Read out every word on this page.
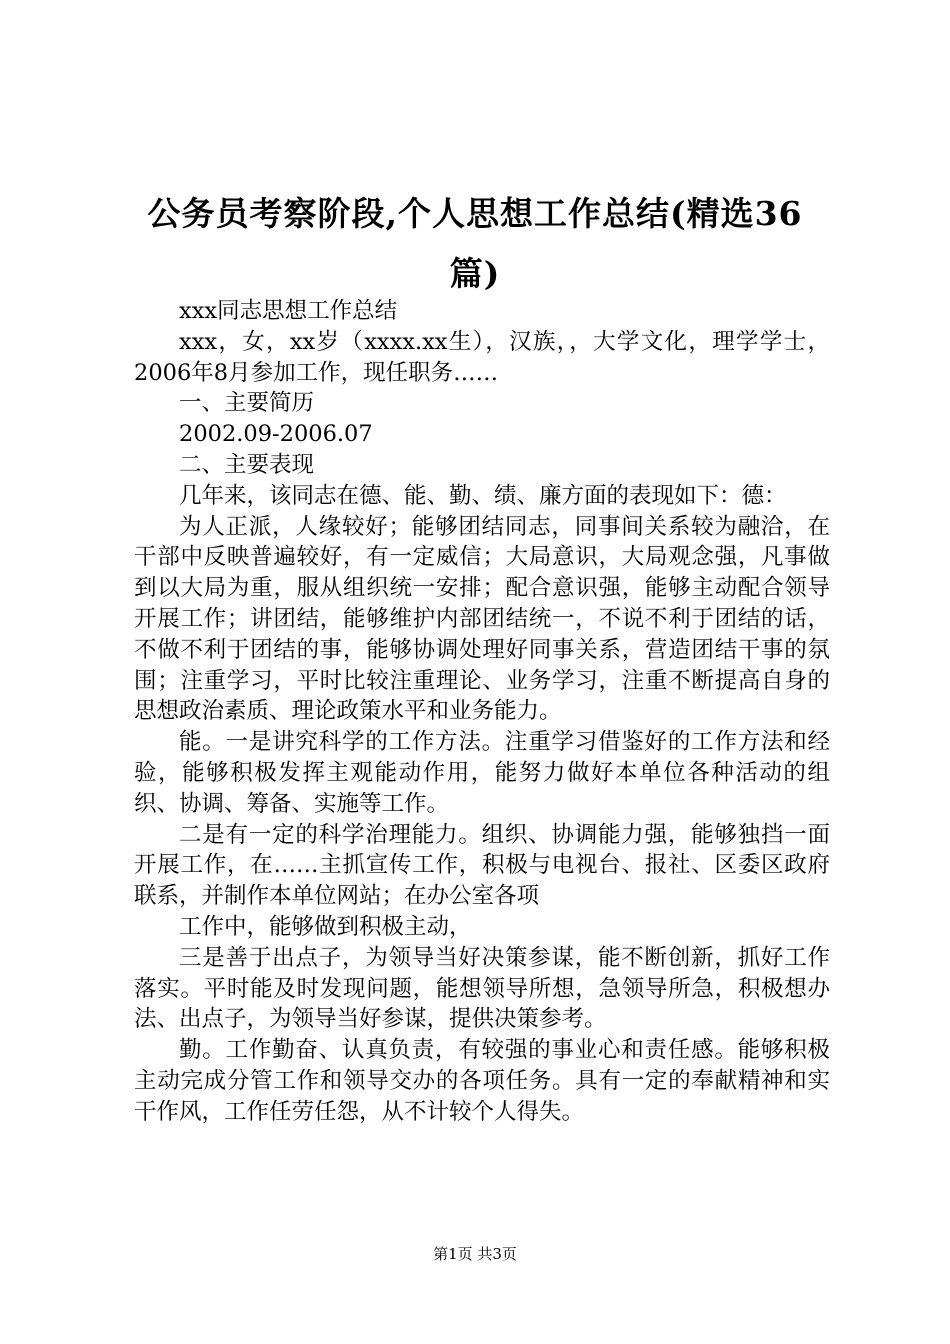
公务员考察阶段,个人思想工作总结(精选36
篇)

xxx同志思想工作总结

xxx，女，xx岁（xxxx.xx生），汉族，，大学文化，理学学士，2006年8月参加工作，现任职务……

一、主要简历

2002.09-2006.07

二、主要表现

几年来，该同志在德、能、勤、绩、廉方面的表现如下：德：

为人正派，人缘较好；能够团结同志，同事间关系较为融洽，在干部中反映普遍较好，有一定威信；大局意识，大局观念强，凡事做到以大局为重，服从组织统一安排；配合意识强，能够主动配合领导开展工作；讲团结，能够维护内部团结统一，不说不利于团结的话，不做不利于团结的事，能够协调处理好同事关系，营造团结干事的氛围；注重学习，平时比较注重理论、业务学习，注重不断提高自身的思想政治素质、理论政策水平和业务能力。

能。一是讲究科学的工作方法。注重学习借鉴好的工作方法和经验，能够积极发挥主观能动作用，能努力做好本单位各种活动的组织、协调、筹备、实施等工作。

二是有一定的科学治理能力。组织、协调能力强，能够独挡一面开展工作，在……主抓宣传工作，积极与电视台、报社、区委区政府联系，并制作本单位网站；在办公室各项

工作中，能够做到积极主动，

三是善于出点子，为领导当好决策参谋，能不断创新，抓好工作落实。平时能及时发现问题，能想领导所想，急领导所急，积极想办法、出点子，为领导当好参谋，提供决策参考。

勤。工作勤奋、认真负责，有较强的事业心和责任感。能够积极主动完成分管工作和领导交办的各项任务。具有一定的奉献精神和实干作风，工作任劳任怨，从不计较个人得失。

第1页 共3页
